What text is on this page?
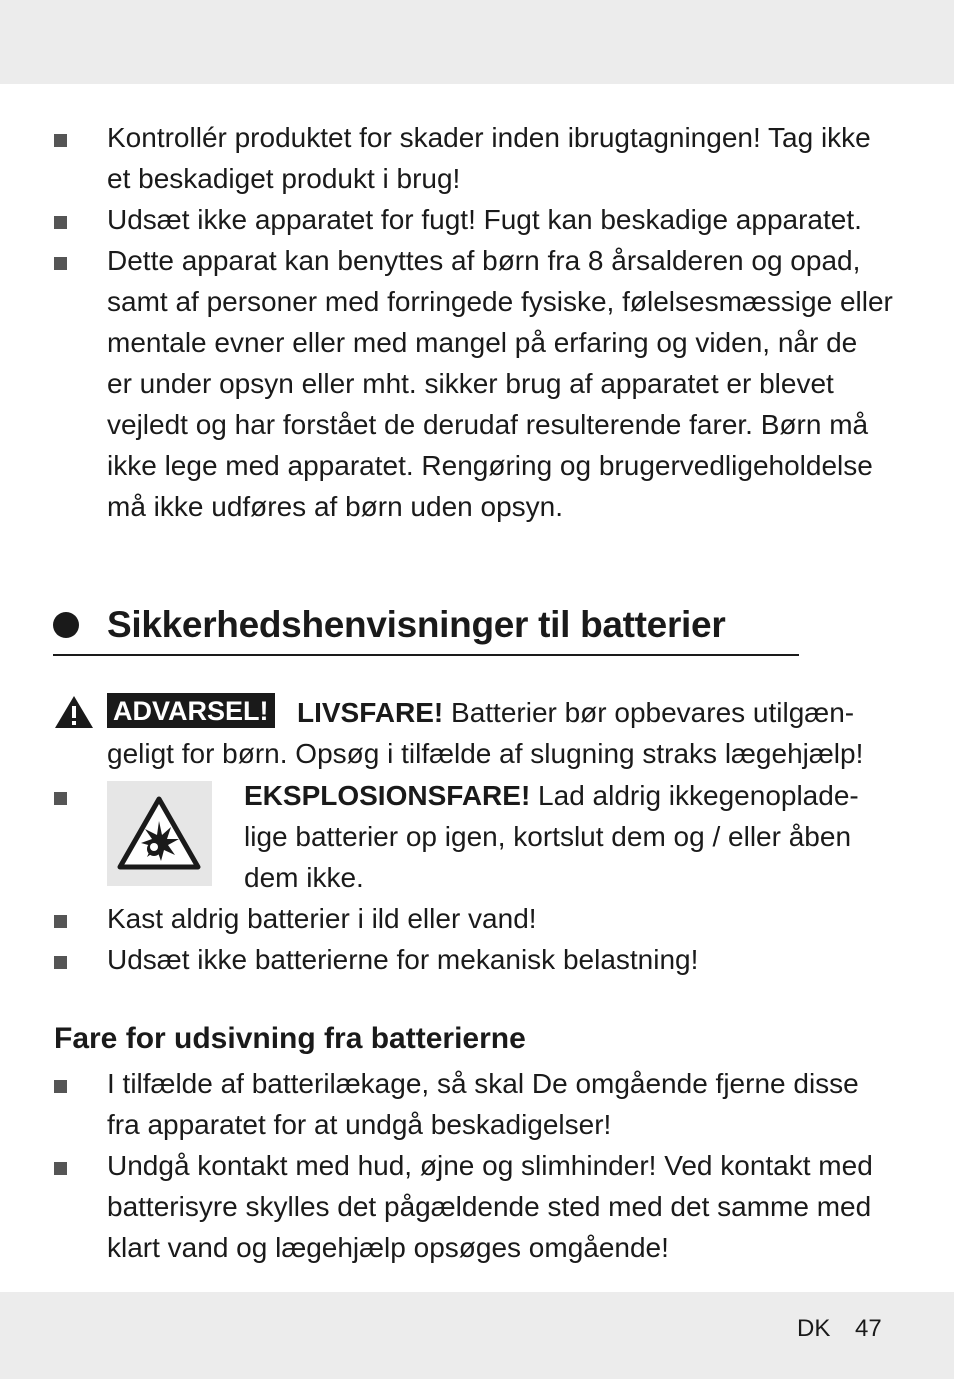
Kontrollér produktet for skader inden ibrugtagningen! Tag ikke
et beskadiget produkt i brug!
Udsæt ikke apparatet for fugt! Fugt kan beskadige apparatet.
Dette apparat kan benyttes af børn fra 8 årsalderen og opad,
samt af personer med forringede fysiske, følelsesmæssige eller
mentale evner eller med mangel på erfaring og viden, når de
er under opsyn eller mht. sikker brug af apparatet er blevet
vejledt og har forstået de derudaf resulterende farer. Børn må
ikke lege med apparatet. Rengøring og brugervedligeholdelse
må ikke udføres af børn uden opsyn.
Sikkerhedshenvisninger til batterier
ADVARSEL! LIVSFARE! Batterier bør opbevares utilgæn-
geligt for børn. Opsøg i tilfælde af slugning straks lægehjælp!
EKSPLOSIONSFARE! Lad aldrig ikkegenoplade-
lige batterier op igen, kortslut dem og / eller åben
dem ikke.
Kast aldrig batterier i ild eller vand!
Udsæt ikke batterierne for mekanisk belastning!
Fare for udsivning fra batterierne
I tilfælde af batterilækage, så skal De omgående fjerne disse
fra apparatet for at undgå beskadigelser!
Undgå kontakt med hud, øjne og slimhinder! Ved kontakt med
batterisyre skylles det pågældende sted med det samme med
klart vand og lægehjælp opsøges omgående!
DK 47
